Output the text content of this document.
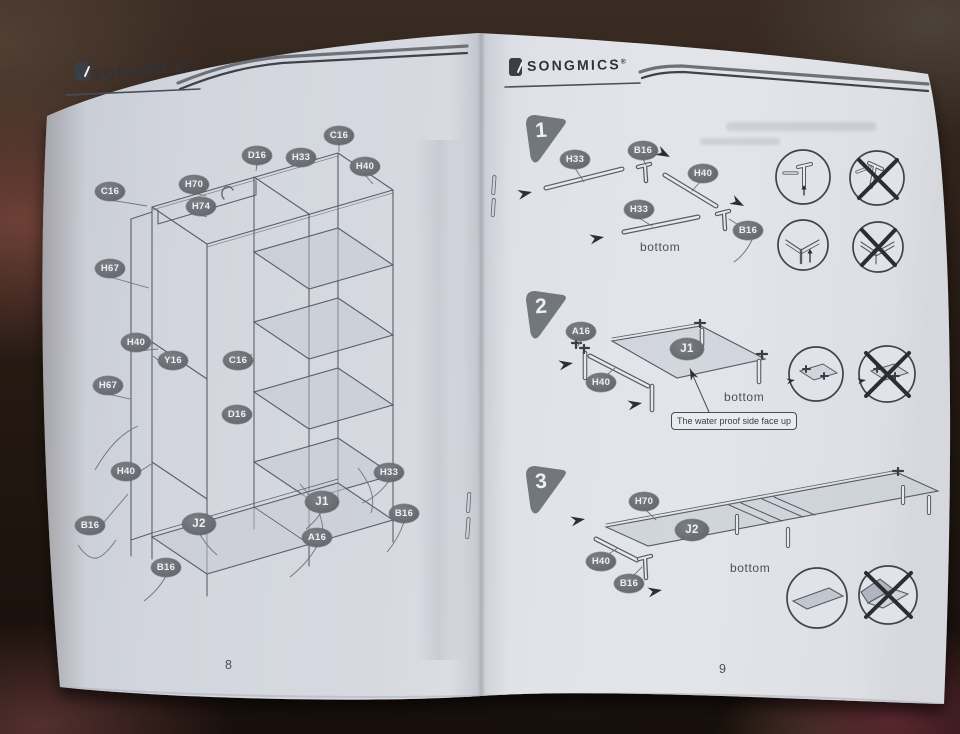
SONGMICS®	SONGMICS®
C16
D16	H33
H40
H70
C16
H74
H67
H40
Y16	C16
H67
D16
H40	H33
J1
B16	J2
B16
A16
B16
1
2
3
H33
B16
H40
H33
B16
bottom
A16
J1
H40
bottom
The water proof side face up
H70
J2
H40
B16
bottom
8	9
